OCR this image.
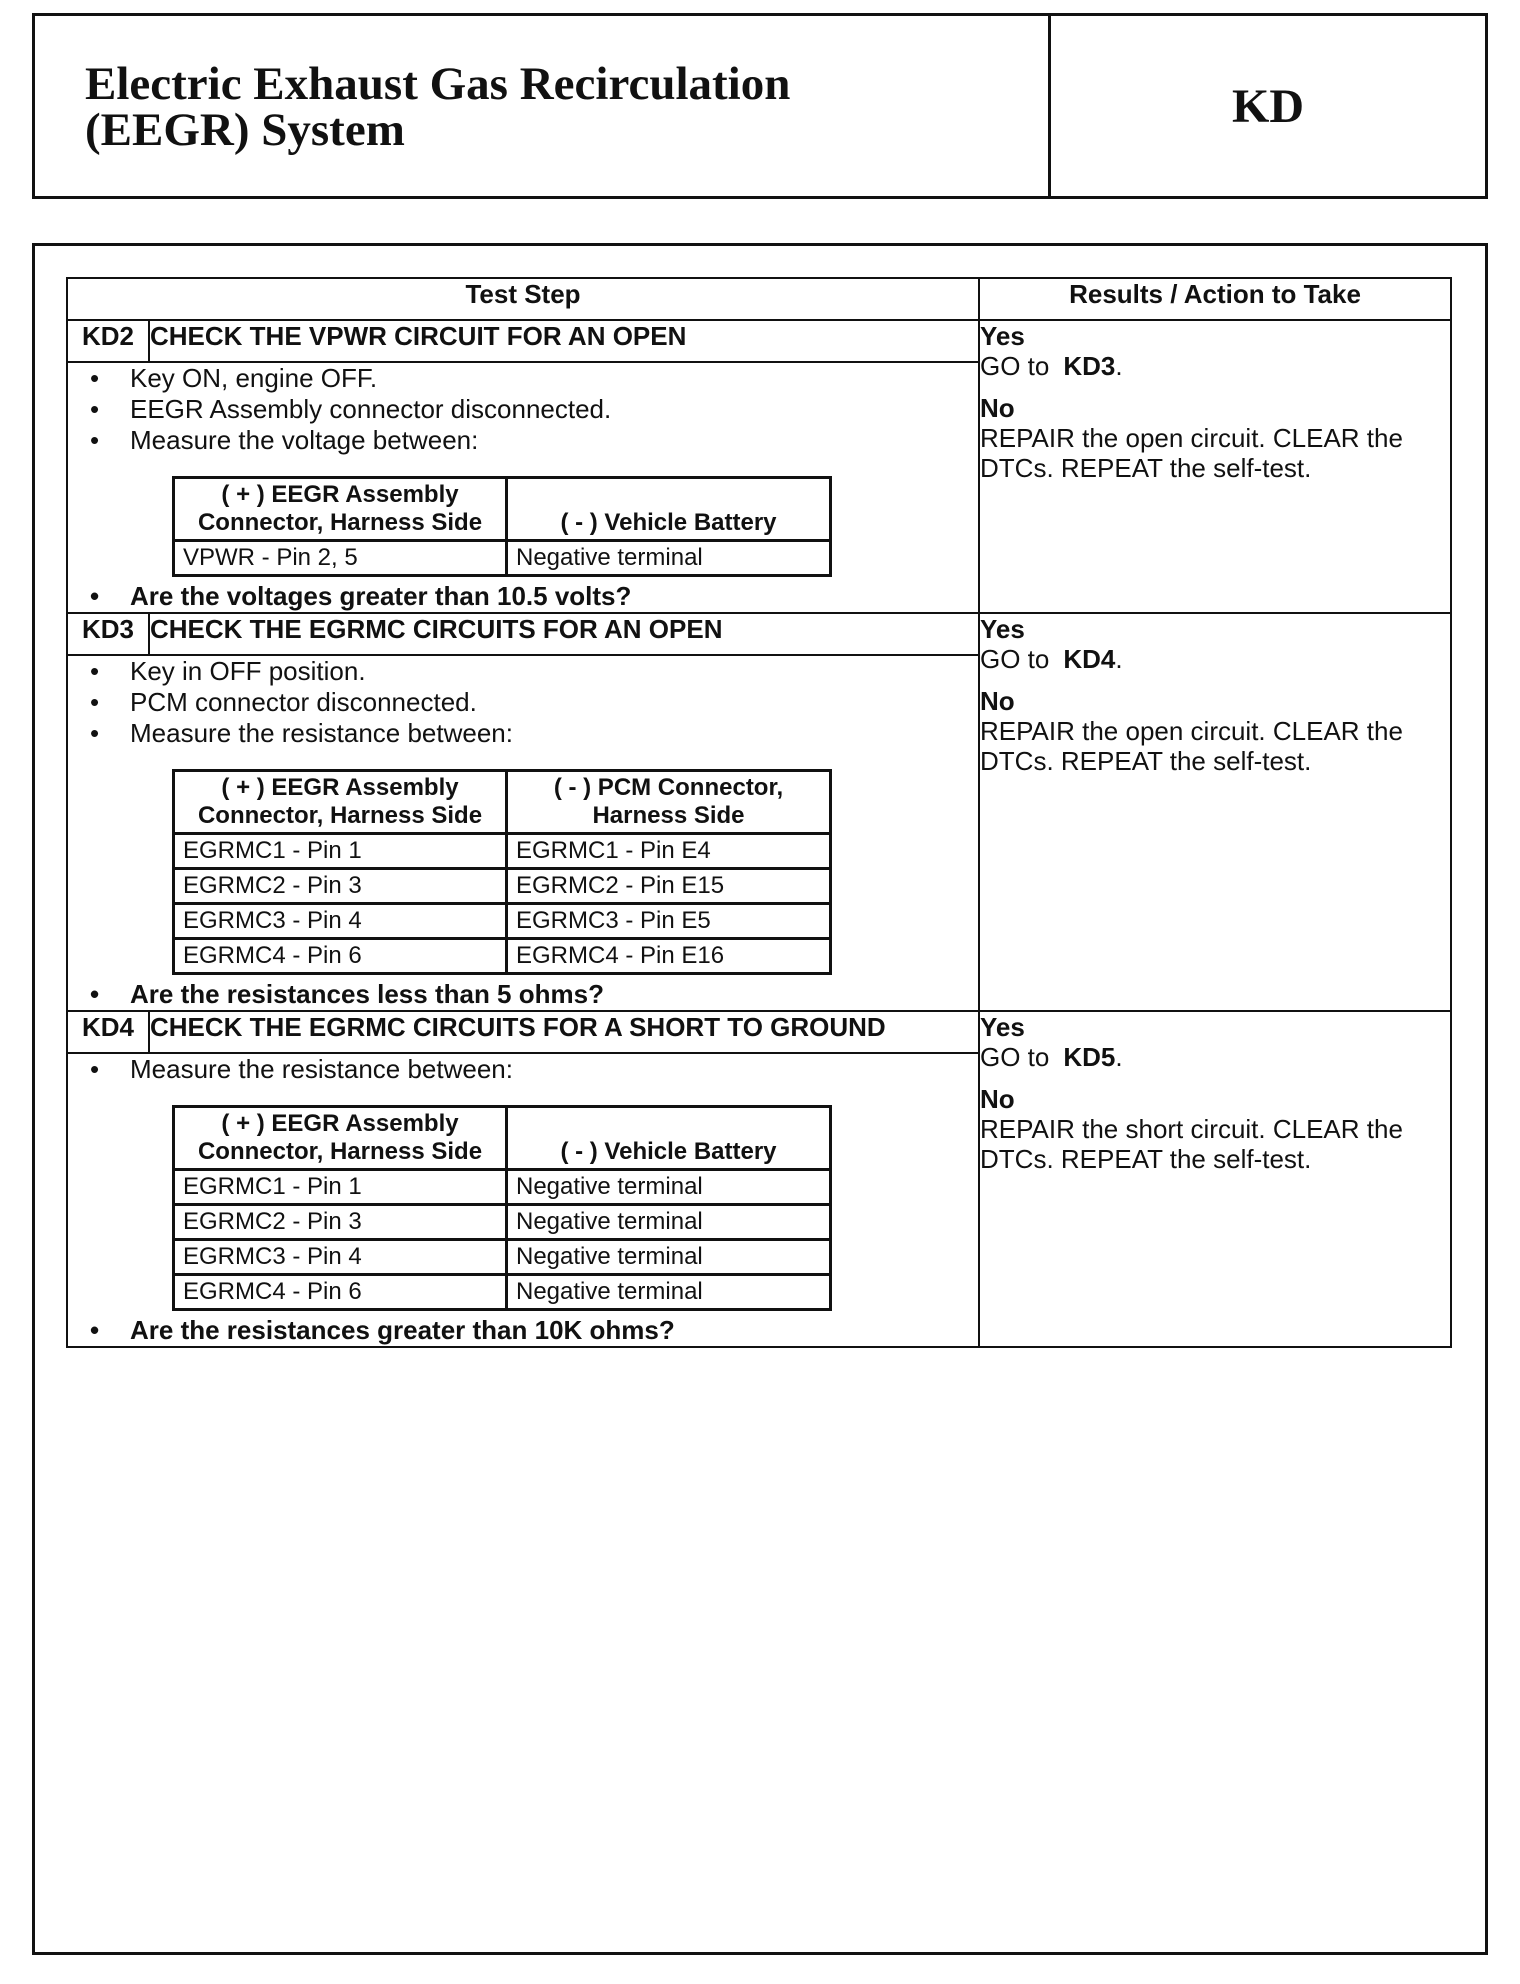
Electric Exhaust Gas Recirculation
(EEGR) System	KD
Test Step	Results / Action to Take
KD2	CHECK THE VPWR CIRCUIT FOR AN OPEN	Yes
GO to KD3.
No
REPAIR the open circuit. CLEAR the DTCs. REPEAT the self-test.

• Key ON, engine OFF.
• EEGR Assembly connector disconnected.
• Measure the voltage between:
( + ) EEGR Assembly Connector, Harness Side	( - ) Vehicle Battery
VPWR - Pin 2, 5	Negative terminal
• Are the voltages greater than 10.5 volts?

KD3	CHECK THE EGRMC CIRCUITS FOR AN OPEN	Yes
GO to KD4.
No
REPAIR the open circuit. CLEAR the DTCs. REPEAT the self-test.

• Key in OFF position.
• PCM connector disconnected.
• Measure the resistance between:
( + ) EEGR Assembly Connector, Harness Side	( - ) PCM Connector, Harness Side
EGRMC1 - Pin 1	EGRMC1 - Pin E4
EGRMC2 - Pin 3	EGRMC2 - Pin E15
EGRMC3 - Pin 4	EGRMC3 - Pin E5
EGRMC4 - Pin 6	EGRMC4 - Pin E16
• Are the resistances less than 5 ohms?

KD4	CHECK THE EGRMC CIRCUITS FOR A SHORT TO GROUND	Yes
GO to KD5.
No
REPAIR the short circuit. CLEAR the DTCs. REPEAT the self-test.

• Measure the resistance between:
( + ) EEGR Assembly Connector, Harness Side	( - ) Vehicle Battery
EGRMC1 - Pin 1	Negative terminal
EGRMC2 - Pin 3	Negative terminal
EGRMC3 - Pin 4	Negative terminal
EGRMC4 - Pin 6	Negative terminal
• Are the resistances greater than 10K ohms?
